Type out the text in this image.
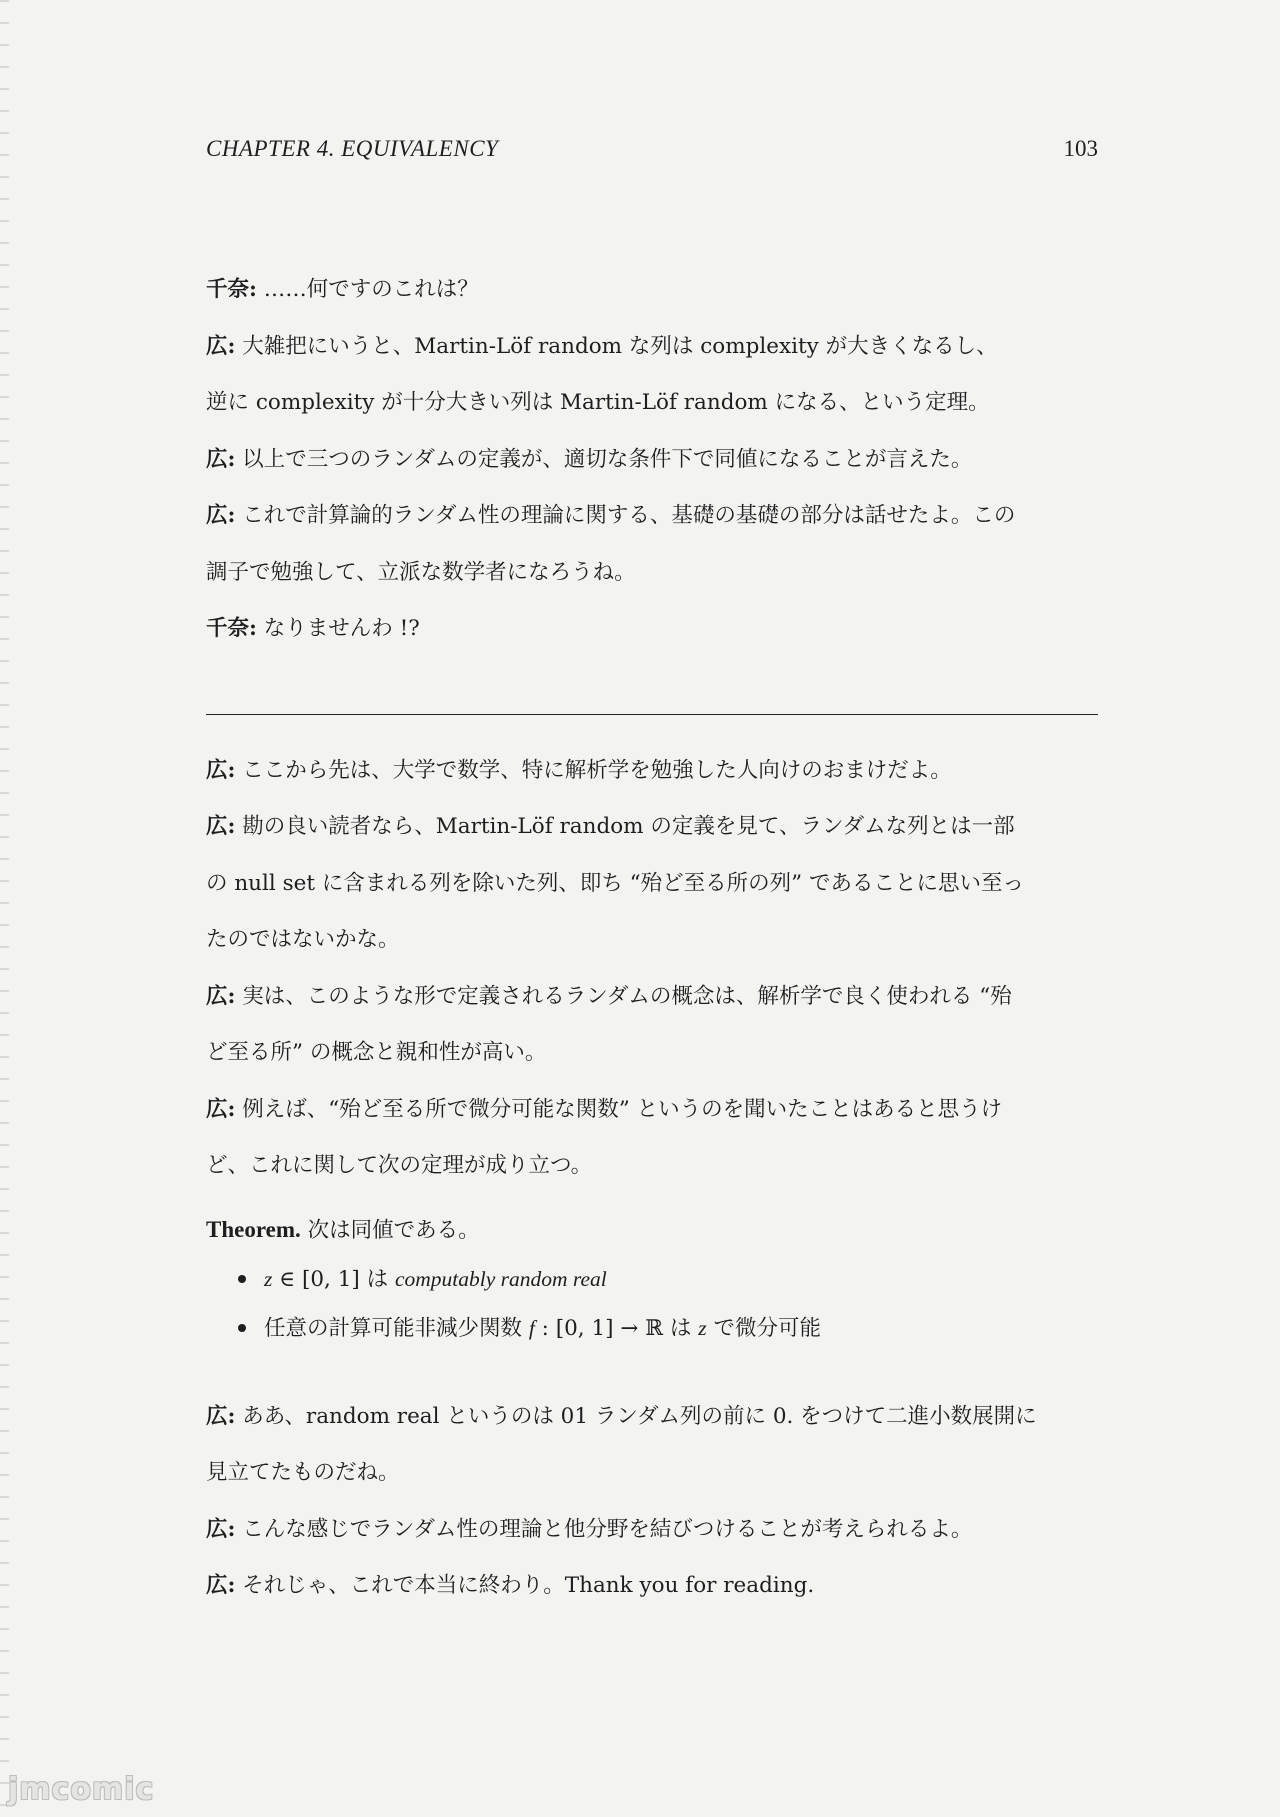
CHAPTER 4. EQUIVALENCY	103
千奈: ……何ですのこれは？
広: 大雑把にいうと、Martin-Löf random な列は complexity が大きくなるし、
逆に complexity が十分大きい列は Martin-Löf random になる、という定理。
広: 以上で三つのランダムの定義が、適切な条件下で同値になることが言えた。
広: これで計算論的ランダム性の理論に関する、基礎の基礎の部分は話せたよ。この
調子で勉強して、立派な数学者になろうね。
千奈: なりませんわ !?
広: ここから先は、大学で数学、特に解析学を勉強した人向けのおまけだよ。
広: 勘の良い読者なら、Martin-Löf random の定義を見て、ランダムな列とは一部
の null set に含まれる列を除いた列、即ち “殆ど至る所の列” であることに思い至っ
たのではないかな。
広: 実は、このような形で定義されるランダムの概念は、解析学で良く使われる “殆
ど至る所” の概念と親和性が高い。
広: 例えば、“殆ど至る所で微分可能な関数” というのを聞いたことはあると思うけ
ど、これに関して次の定理が成り立つ。
Theorem. 次は同値である。
z ∈ [0, 1] は computably random real
任意の計算可能非減少関数 f : [0, 1] → ℝ は z で微分可能
広: ああ、random real というのは 01 ランダム列の前に 0. をつけて二進小数展開に
見立てたものだね。
広: こんな感じでランダム性の理論と他分野を結びつけることが考えられるよ。
広: それじゃ、これで本当に終わり。Thank you for reading.
jmcomic
